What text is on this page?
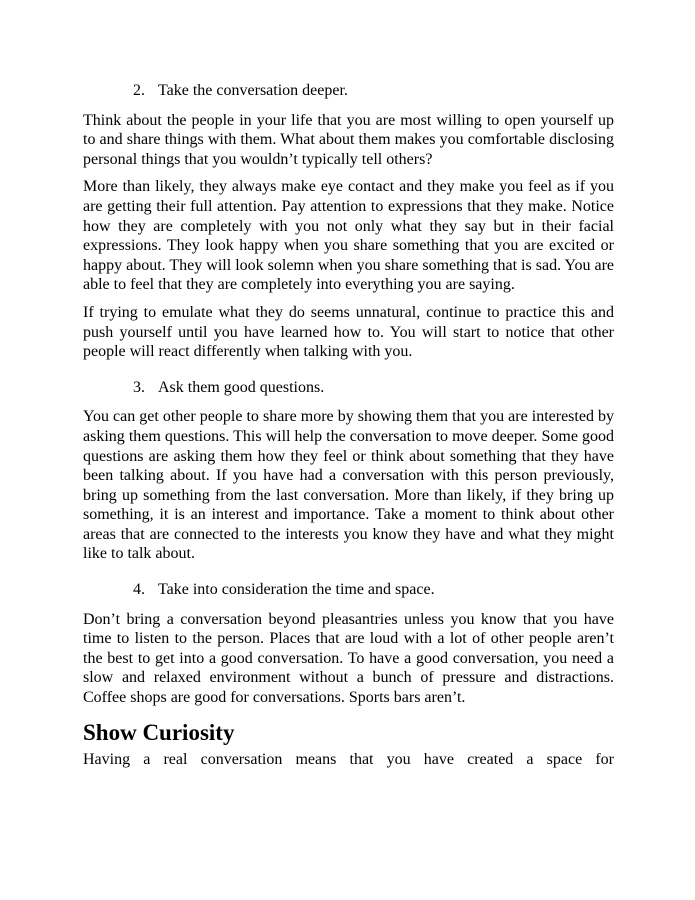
2. Take the conversation deeper.

Think about the people in your life that you are most willing to open yourself up to and share things with them. What about them makes you comfortable disclosing personal things that you wouldn’t typically tell others?

More than likely, they always make eye contact and they make you feel as if you are getting their full attention. Pay attention to expressions that they make. Notice how they are completely with you not only what they say but in their facial expressions. They look happy when you share something that you are excited or happy about. They will look solemn when you share something that is sad. You are able to feel that they are completely into everything you are saying.

If trying to emulate what they do seems unnatural, continue to practice this and push yourself until you have learned how to. You will start to notice that other people will react differently when talking with you.

3. Ask them good questions.

You can get other people to share more by showing them that you are interested by asking them questions. This will help the conversation to move deeper. Some good questions are asking them how they feel or think about something that they have been talking about. If you have had a conversation with this person previously, bring up something from the last conversation. More than likely, if they bring up something, it is an interest and importance. Take a moment to think about other areas that are connected to the interests you know they have and what they might like to talk about.

4. Take into consideration the time and space.

Don’t bring a conversation beyond pleasantries unless you know that you have time to listen to the person. Places that are loud with a lot of other people aren’t the best to get into a good conversation. To have a good conversation, you need a slow and relaxed environment without a bunch of pressure and distractions. Coffee shops are good for conversations. Sports bars aren’t.

Show Curiosity

Having a real conversation means that you have created a space for
